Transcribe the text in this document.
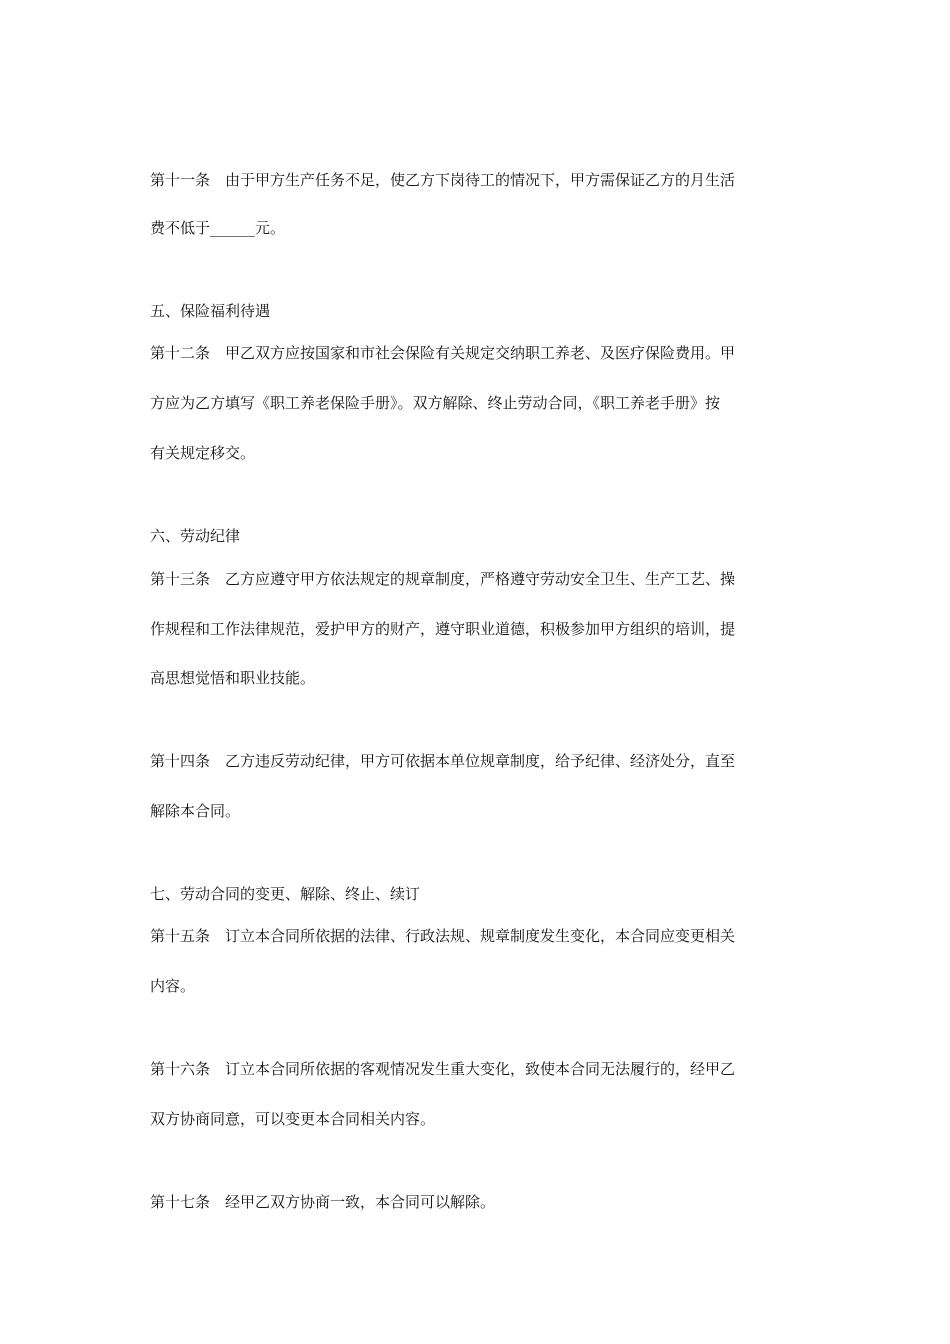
第十一条　由于甲方生产任务不足，使乙方下岗待工的情况下，甲方需保证乙方的月生活
费不低于______元。
五、保险福利待遇
第十二条　甲乙双方应按国家和市社会保险有关规定交纳职工养老、及医疗保险费用。甲
方应为乙方填写《职工养老保险手册》。双方解除、终止劳动合同，《职工养老手册》按
有关规定移交。
六、劳动纪律
第十三条　乙方应遵守甲方依法规定的规章制度，严格遵守劳动安全卫生、生产工艺、操
作规程和工作法律规范，爱护甲方的财产，遵守职业道德，积极参加甲方组织的培训，提
高思想觉悟和职业技能。
第十四条　乙方违反劳动纪律，甲方可依据本单位规章制度，给予纪律、经济处分，直至
解除本合同。
七、劳动合同的变更、解除、终止、续订
第十五条　订立本合同所依据的法律、行政法规、规章制度发生变化，本合同应变更相关
内容。
第十六条　订立本合同所依据的客观情况发生重大变化，致使本合同无法履行的，经甲乙
双方协商同意，可以变更本合同相关内容。
第十七条　经甲乙双方协商一致，本合同可以解除。
